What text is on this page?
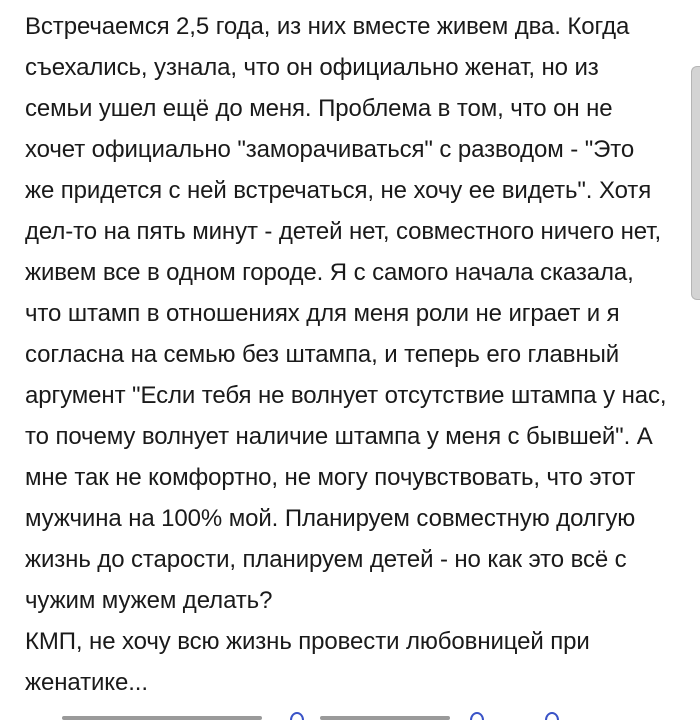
Встречаемся 2,5 года, из них вместе живем два. Когда
съехались, узнала, что он официально женат, но из
семьи ушел ещё до меня. Проблема в том, что он не
хочет официально "заморачиваться" с разводом - "Это
же придется с ней встречаться, не хочу ее видеть". Хотя
дел-то на пять минут - детей нет, совместного ничего нет,
живем все в одном городе. Я с самого начала сказала,
что штамп в отношениях для меня роли не играет и я
согласна на семью без штампа, и теперь его главный
аргумент "Если тебя не волнует отсутствие штампа у нас,
то почему волнует наличие штампа у меня с бывшей". А
мне так не комфортно, не могу почувствовать, что этот
мужчина на 100% мой. Планируем совместную долгую
жизнь до старости, планируем детей - но как это всё с
чужим мужем делать?
КМП, не хочу всю жизнь провести любовницей при
женатике...
